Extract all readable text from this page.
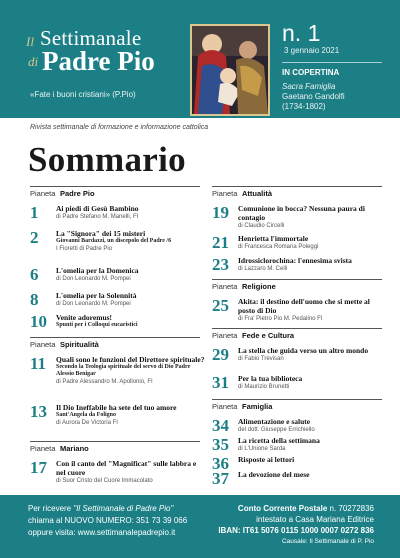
Il Settimanale
di Padre Pio
«Fate i buoni cristiani» (P.Pio)
n. 1
3 gennaio 2021
IN COPERTINA
Sacra Famiglia
Gaetano Gandolfi
(1734-1802)
Rivista settimanale di formazione e informazione cattolica
Sommario
Pianeta Padre Pio
1 Ai piedi di Gesù Bambino
di Padre Stefano M. Manelli, FI
2 La "Signora" dei 15 misteri
Giovanni Bardazzi, un discepolo del Padre /6
I Fioretti di Padre Pio
6 L'omelia per la Domenica
di Don Leonardo M. Pompei
8 L'omelia per la Solennità
di Don Leonardo M. Pompei
10 Venite adoremus!
Spunti per i Colloqui eucaristici
Pianeta Spiritualità
11 Quali sono le funzioni del Direttore spirituale?
Secondo la Teologia spirituale del servo di Dio Padre Alessio Benigar
di Padre Alessandro M. Apollonio, FI
13 Il Dio Ineffabile ha sete del tuo amore
Sant'Angela da Foligno
di Aurora De Victoria FI
Pianeta Mariano
17 Con il canto del "Magnificat" sulle labbra e nel cuore
di Suor Cristo del Cuore Immacolato
Pianeta Attualità
19 Comunione in bocca? Nessuna paura di contagio
di Claudio Circelli
21 Henrietta l'immortale
di Francesca Romana Poleggi
23 Idrossiclorochina: l'ennesima svista
di Lazzaro M. Celli
Pianeta Religione
25 Akita: il destino dell'uomo che si mette al posto di Dio
di Fra' Pietro Pio M. Pedalino FI
Pianeta Fede e Cultura
29 La stella che guida verso un altro mondo
di Fabio Trevisan
31 Per la tua biblioteca
di Maurizio Brunetti
Pianeta Famiglia
34 Alimentazione e salute
del dott. Giuseppe Errichiello
35 La ricetta della settimana
di L'Unione Sarda
36 Risposte ai lettori
37 La devozione del mese
Per ricevere "Il Settimanale di Padre Pio"
chiama al NUOVO NUMERO: 351 73 39 066
oppure visita: www.settimanalepadrepio.it
Conto Corrente Postale n. 70272836
intestato a Casa Mariana Editrice
IBAN: IT61 5076 0115 1000 0007 0272 836
Causale: Il Settimanale di P. Pio
